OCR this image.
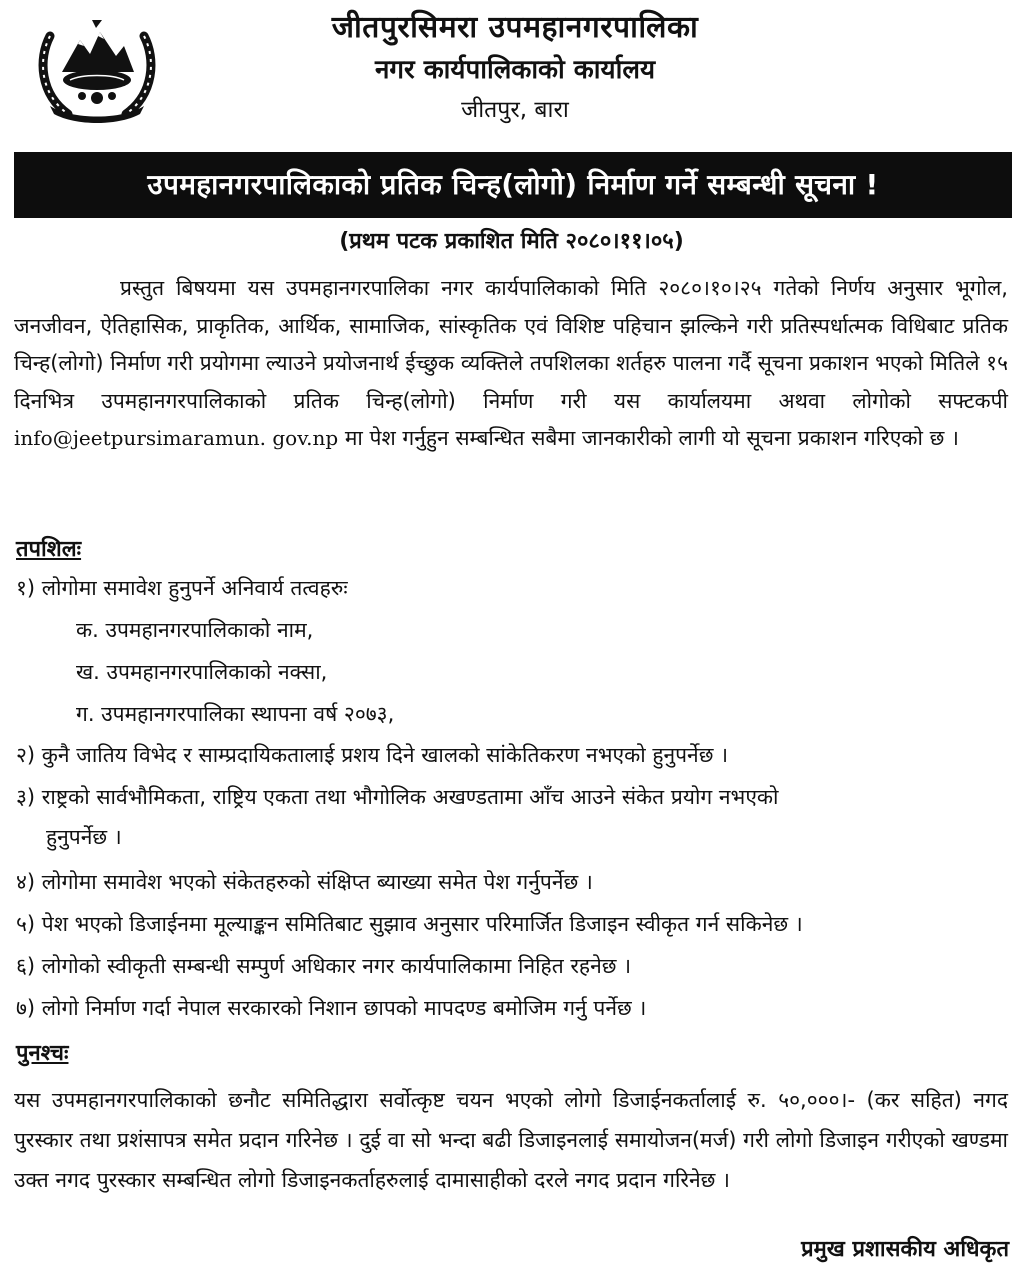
जीतपुरसिमरा उपमहानगरपालिका
नगर कार्यपालिकाको कार्यालय
जीतपुर, बारा
उपमहानगरपालिकाको प्रतिक चिन्ह(लोगो) निर्माण गर्ने सम्बन्धी सूचना !
(प्रथम पटक प्रकाशित मिति २०८०।११।०५)
प्रस्तुत बिषयमा यस उपमहानगरपालिका नगर कार्यपालिकाको मिति २०८०।१०।२५ गतेको निर्णय अनुसार भूगोल, जनजीवन, ऐतिहासिक, प्राकृतिक, आर्थिक, सामाजिक, सांस्कृतिक एवं विशिष्ट पहिचान झल्किने गरी प्रतिस्पर्धात्मक विधिबाट प्रतिक चिन्ह(लोगो) निर्माण गरी प्रयोगमा ल्याउने प्रयोजनार्थ ईच्छुक व्यक्तिले तपशिलका शर्तहरु पालना गर्दै सूचना प्रकाशन भएको मितिले १५ दिनभित्र उपमहानगरपालिकाको प्रतिक चिन्ह(लोगो) निर्माण गरी यस कार्यालयमा अथवा लोगोको सफ्टकपी info@jeetpursimaramun. gov.np मा पेश गर्नुहुन सम्बन्धित सबैमा जानकारीको लागी यो सूचना प्रकाशन गरिएको छ ।
तपशिलः
१) लोगोमा समावेश हुनुपर्ने अनिवार्य तत्वहरुः
क. उपमहानगरपालिकाको नाम,
ख. उपमहानगरपालिकाको नक्सा,
ग. उपमहानगरपालिका स्थापना वर्ष २०७३,
२) कुनै जातिय विभेद र साम्प्रदायिकतालाई प्रशय दिने खालको सांकेतिकरण नभएको हुनुपर्नेछ ।
३) राष्ट्रको सार्वभौमिकता, राष्ट्रिय एकता तथा भौगोलिक अखण्डतामा आँच आउने संकेत प्रयोग नभएको
हुनुपर्नेछ ।
४) लोगोमा समावेश भएको संकेतहरुको संक्षिप्त ब्याख्या समेत पेश गर्नुपर्नेछ ।
५) पेश भएको डिजाईनमा मूल्याङ्कन समितिबाट सुझाव अनुसार परिमार्जित डिजाइन स्वीकृत गर्न सकिनेछ ।
६) लोगोको स्वीकृती सम्बन्धी सम्पुर्ण अधिकार नगर कार्यपालिकामा निहित रहनेछ ।
७) लोगो निर्माण गर्दा नेपाल सरकारको निशान छापको मापदण्ड बमोजिम गर्नु पर्नेछ ।
पुनश्चः
यस उपमहानगरपालिकाको छनौट समितिद्धारा सर्वोत्कृष्ट चयन भएको लोगो डिजाईनकर्तालाई रु. ५०,०००।- (कर सहित) नगद पुरस्कार तथा प्रशंसापत्र समेत प्रदान गरिनेछ । दुई वा सो भन्दा बढी डिजाइनलाई समायोजन(मर्ज) गरी लोगो डिजाइन गरीएको खण्डमा उक्त नगद पुरस्कार सम्बन्धित लोगो डिजाइनकर्ताहरुलाई दामासाहीको दरले नगद प्रदान गरिनेछ ।
प्रमुख प्रशासकीय अधिकृत
